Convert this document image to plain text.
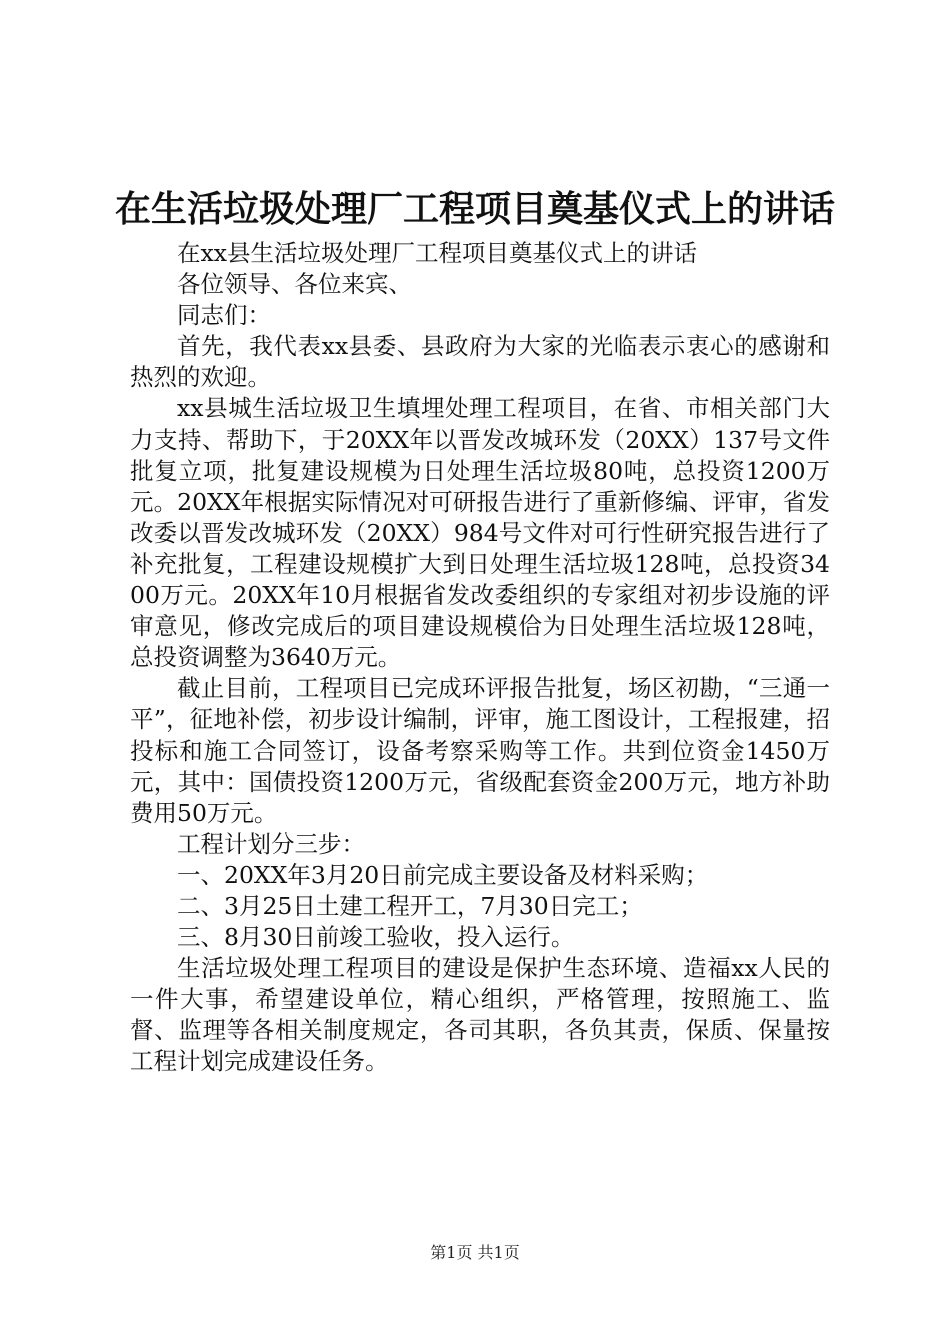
在生活垃圾处理厂工程项目奠基仪式上的讲话

在xx县生活垃圾处理厂工程项目奠基仪式上的讲话

各位领导、各位来宾、

同志们：

首先，我代表xx县委、县政府为大家的光临表示衷心的感谢和热烈的欢迎。

xx县城生活垃圾卫生填埋处理工程项目，在省、市相关部门大力支持、帮助下，于20XX年以晋发改城环发（20XX）137号文件批复立项，批复建设规模为日处理生活垃圾80吨，总投资1200万元。20XX年根据实际情况对可研报告进行了重新修编、评审，省发改委以晋发改城环发（20XX）984号文件对可行性研究报告进行了补充批复，工程建设规模扩大到日处理生活垃圾128吨，总投资3400万元。20XX年10月根据省发改委组织的专家组对初步设施的评审意见，修改完成后的项目建设规模佮为日处理生活垃圾128吨，总投资调整为3640万元。

截止目前，工程项目已完成环评报告批复，场区初勘，“三通一平”，征地补偿，初步设计编制，评审，施工图设计，工程报建，招投标和施工合同签订，设备考察采购等工作。共到位资金1450万元，其中：国债投资1200万元，省级配套资金200万元，地方补助费用50万元。

工程计划分三步：

一、20XX年3月20日前完成主要设备及材料采购；

二、3月25日土建工程开工，7月30日完工；

三、8月30日前竣工验收，投入运行。

生活垃圾处理工程项目的建设是保护生态环境、造福xx人民的一件大事，希望建设单位，精心组织，严格管理，按照施工、监督、监理等各相关制度规定，各司其职，各负其责，保质、保量按工程计划完成建设任务。

第1页 共1页
